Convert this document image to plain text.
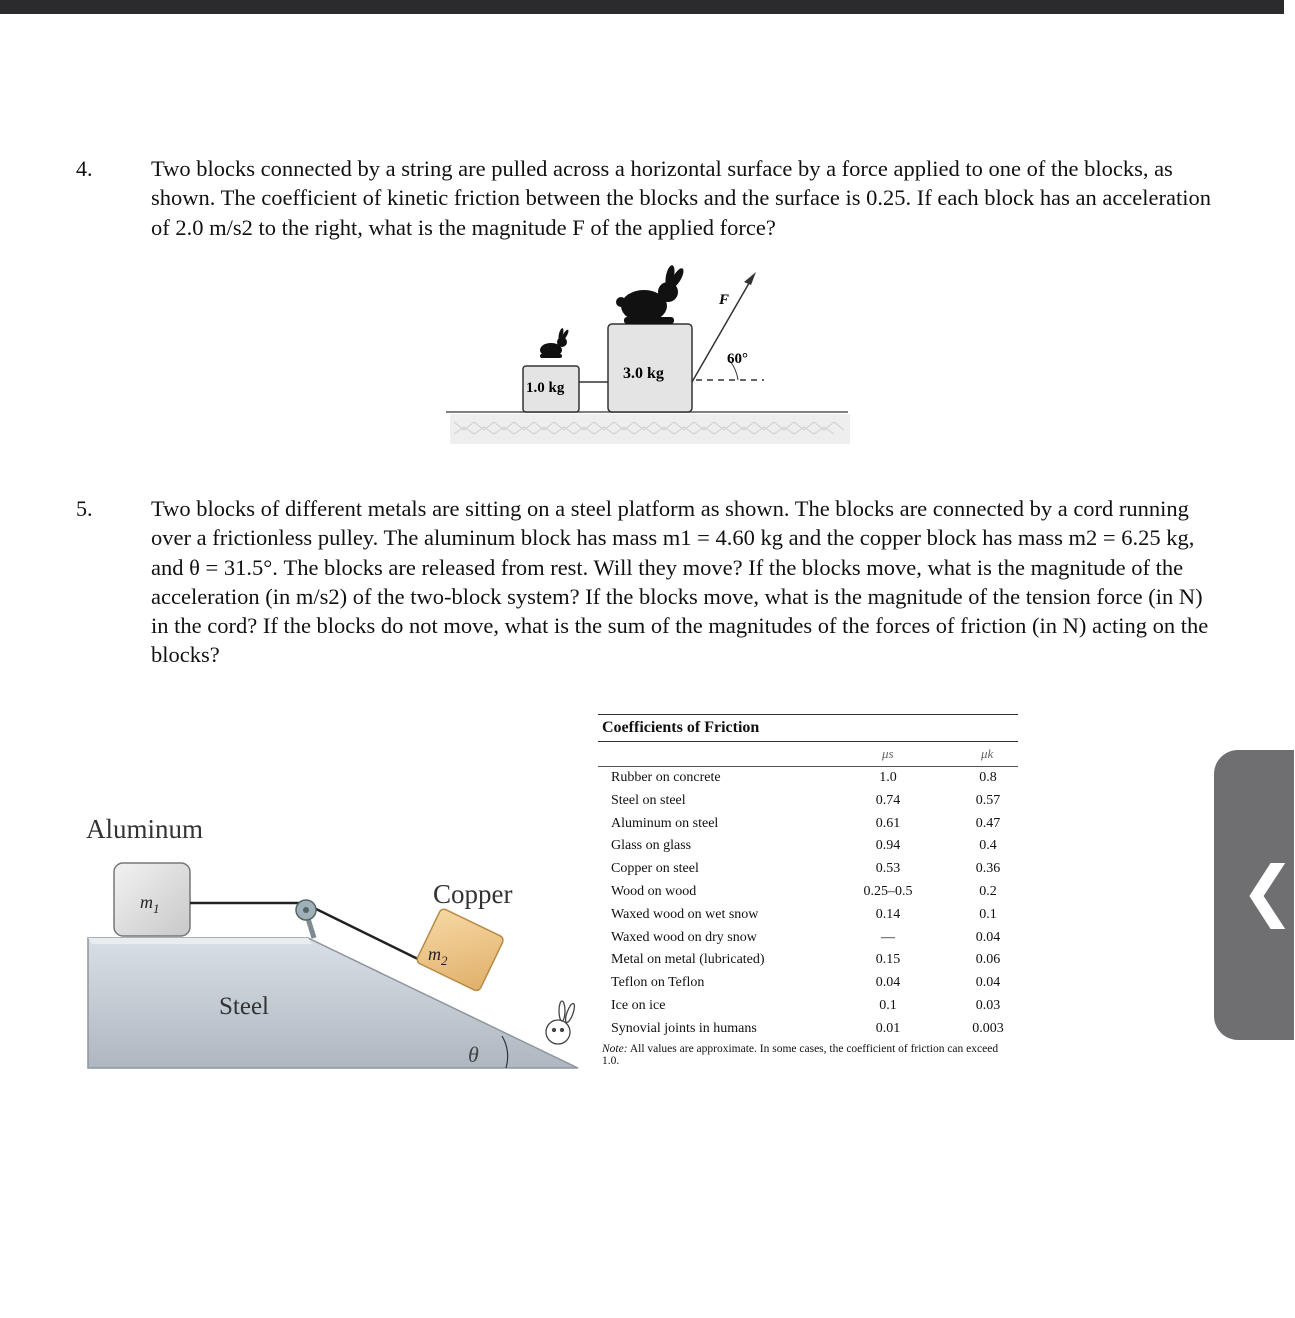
4.	Two blocks connected by a string are pulled across a horizontal surface by a force applied to one of the blocks, as shown. The coefficient of kinetic friction between the blocks and the surface is 0.25. If each block has an acceleration of 2.0 m/s2 to the right, what is the magnitude F of the applied force?
1.0 kg
3.0 kg
F
60°
5.	Two blocks of different metals are sitting on a steel platform as shown. The blocks are connected by a cord running over a frictionless pulley. The aluminum block has mass m1 = 4.60 kg and the copper block has mass m2 = 6.25 kg, and θ = 31.5°. The blocks are released from rest. Will they move? If the blocks move, what is the magnitude of the acceleration (in m/s2) of the two-block system? If the blocks move, what is the magnitude of the tension force (in N) in the cord? If the blocks do not move, what is the sum of the magnitudes of the forces of friction (in N) acting on the blocks?
Aluminum
Copper
Steel
$m_1$
$m_2$
θ
Coefficients of Friction
μs	μk
Rubber on concrete	1.0	0.8
Steel on steel	0.74	0.57
Aluminum on steel	0.61	0.47
Glass on glass	0.94	0.4
Copper on steel	0.53	0.36
Wood on wood	0.25–0.5	0.2
Waxed wood on wet snow	0.14	0.1
Waxed wood on dry snow	—	0.04
Metal on metal (lubricated)	0.15	0.06
Teflon on Teflon	0.04	0.04
Ice on ice	0.1	0.03
Synovial joints in humans	0.01	0.003
Note: All values are approximate. In some cases, the coefficient of friction can exceed 1.0.
❮
